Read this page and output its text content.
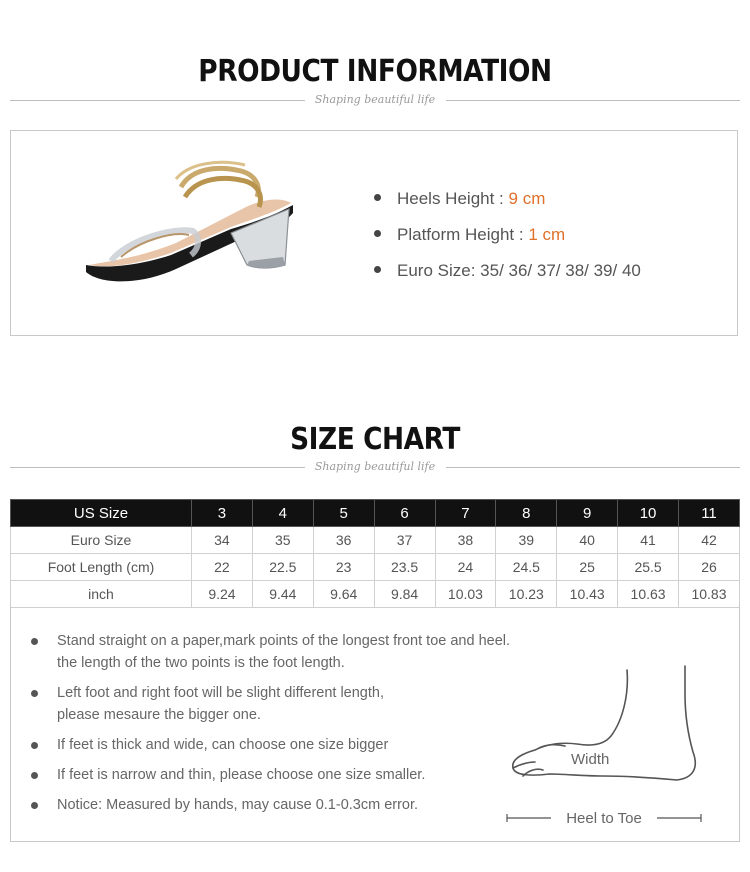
PRODUCT INFORMATION
Shaping beautiful life
Heels Height : 9 cm
Platform Height : 1 cm
Euro Size: 35/ 36/ 37/ 38/ 39/ 40
SIZE CHART
Shaping beautiful life
US Size	3	4	5	6	7	8	9	10	11
Euro Size	34	35	36	37	38	39	40	41	42
Foot Length (cm)	22	22.5	23	23.5	24	24.5	25	25.5	26
inch	9.24	9.44	9.64	9.84	10.03	10.23	10.43	10.63	10.83
Stand straight on a paper,mark points of the longest front toe and heel.
the length of the two points is the foot length.
Left foot and right foot will be slight different length,
please mesaure the bigger one.
If feet is thick and wide, can choose one size bigger
If feet is narrow and thin, please choose one size smaller.
Notice: Measured by hands, may cause 0.1-0.3cm error.
Width
Heel to Toe
